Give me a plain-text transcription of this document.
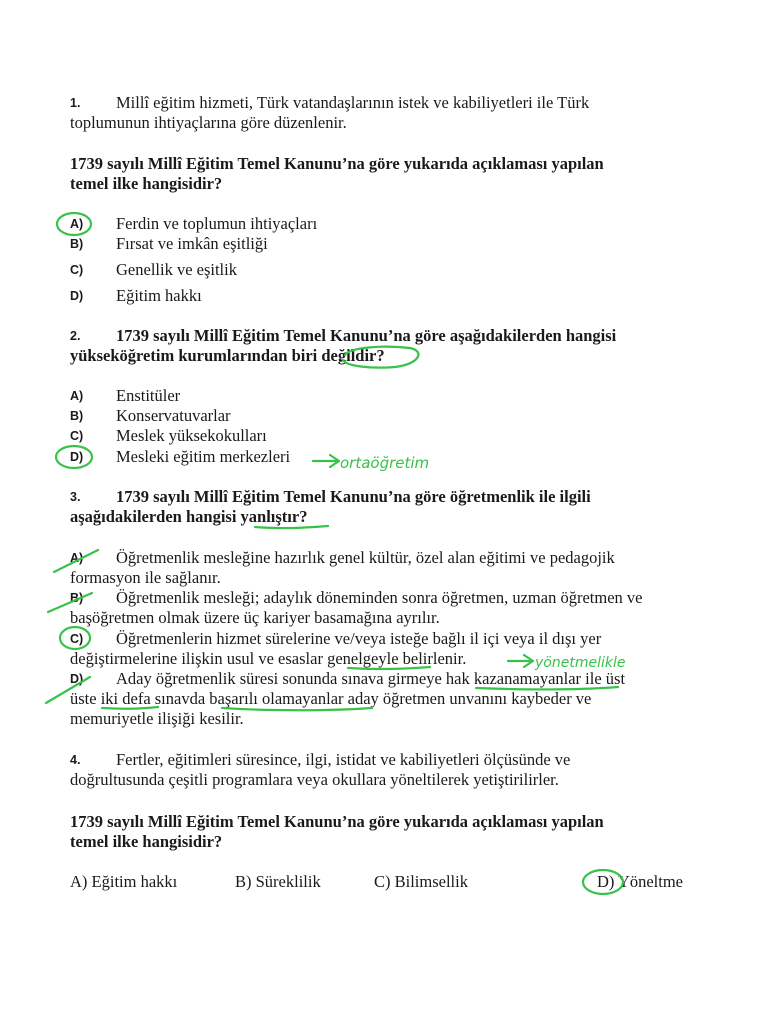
1. Millî eğitim hizmeti, Türk vatandaşlarının istek ve kabiliyetleri ile Türk
toplumunun ihtiyaçlarına göre düzenlenir.
1739 sayılı Millî Eğitim Temel Kanunu’na göre yukarıda açıklaması yapılan
temel ilke hangisidir?
A) Ferdin ve toplumun ihtiyaçları
B) Fırsat ve imkân eşitliği
C) Genellik ve eşitlik
D) Eğitim hakkı
2. 1739 sayılı Millî Eğitim Temel Kanunu’na göre aşağıdakilerden hangisi
yükseköğretim kurumlarından biri değildir?
A) Enstitüler
B) Konservatuvarlar
C) Meslek yüksekokulları
D) Mesleki eğitim merkezleri
3. 1739 sayılı Millî Eğitim Temel Kanunu’na göre öğretmenlik ile ilgili
aşağıdakilerden hangisi yanlıştır?
A) Öğretmenlik mesleğine hazırlık genel kültür, özel alan eğitimi ve pedagojik
formasyon ile sağlanır.
B) Öğretmenlik mesleği; adaylık döneminden sonra öğretmen, uzman öğretmen ve
başöğretmen olmak üzere üç kariyer basamağına ayrılır.
C) Öğretmenlerin hizmet sürelerine ve/veya isteğe bağlı il içi veya il dışı yer
değiştirmelerine ilişkin usul ve esaslar genelgeyle belirlenir.
D) Aday öğretmenlik süresi sonunda sınava girmeye hak kazanamayanlar ile üst
üste iki defa sınavda başarılı olamayanlar aday öğretmen unvanını kaybeder ve
memuriyetle ilişiği kesilir.
4. Fertler, eğitimleri süresince, ilgi, istidat ve kabiliyetleri ölçüsünde ve
doğrultusunda çeşitli programlara veya okullara yöneltilerek yetiştirilirler.
1739 sayılı Millî Eğitim Temel Kanunu’na göre yukarıda açıklaması yapılan
temel ilke hangisidir?
A) Eğitim hakkı	B) Süreklilik	C) Bilimsellik	D) Yöneltme
ortaöğretim
yönetmelikle
